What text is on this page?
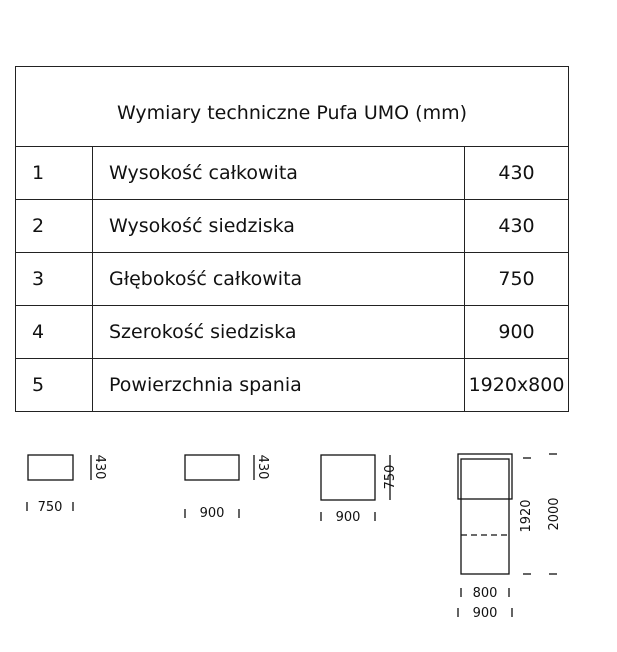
Wymiary techniczne Pufa UMO (mm)		
1	Wysokość całkowita	430
2	Wysokość siedziska	430
3	Głębokość całkowita	750
4	Szerokość siedziska	900
5	Powierzchnia spania	1920x800
750
430
900
430
900
750
1920 2000
800
900
